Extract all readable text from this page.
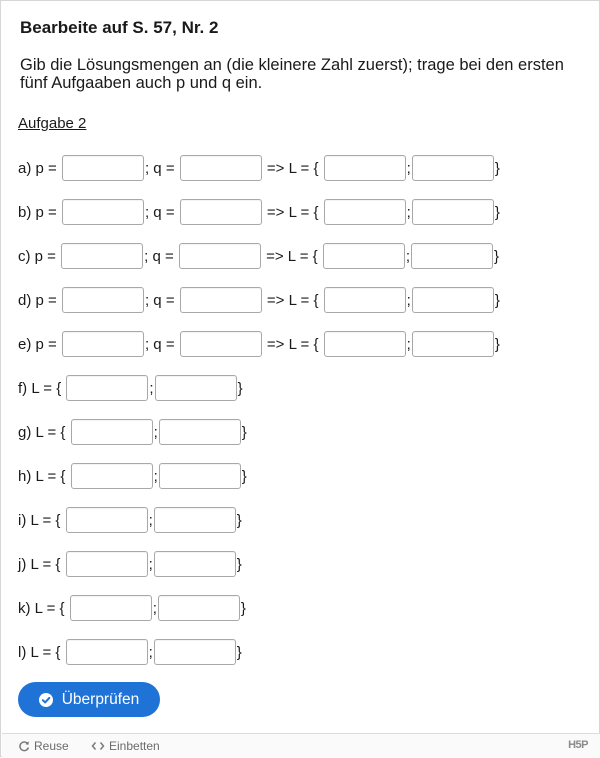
Bearbeite auf S. 57, Nr. 2

Gib die Lösungsmengen an (die kleinere Zahl zuerst); trage bei den ersten fünf Aufgaaben auch p und q ein.

Aufgabe 2
a)
p =
	; q =

	=> L = {
	;	}
b)
p =
	; q =

	=> L = {
	;	}
c)
p =
	; q =

	=> L = {
	;	}
d)
p =
	; q =

	=> L = {
	;	}
e)
p =
	; q =

	=> L = {
	;	}
f)
L = {
	;	}
g)
L = {
	;	}
h)
L = {
	;	}
i)
L = {
	;	}
j)
L = {
	;	}
k)
L = {
	;	}
l)
L = {
	;	}
Überprüfen
Reuse	Einbetten	H5P
